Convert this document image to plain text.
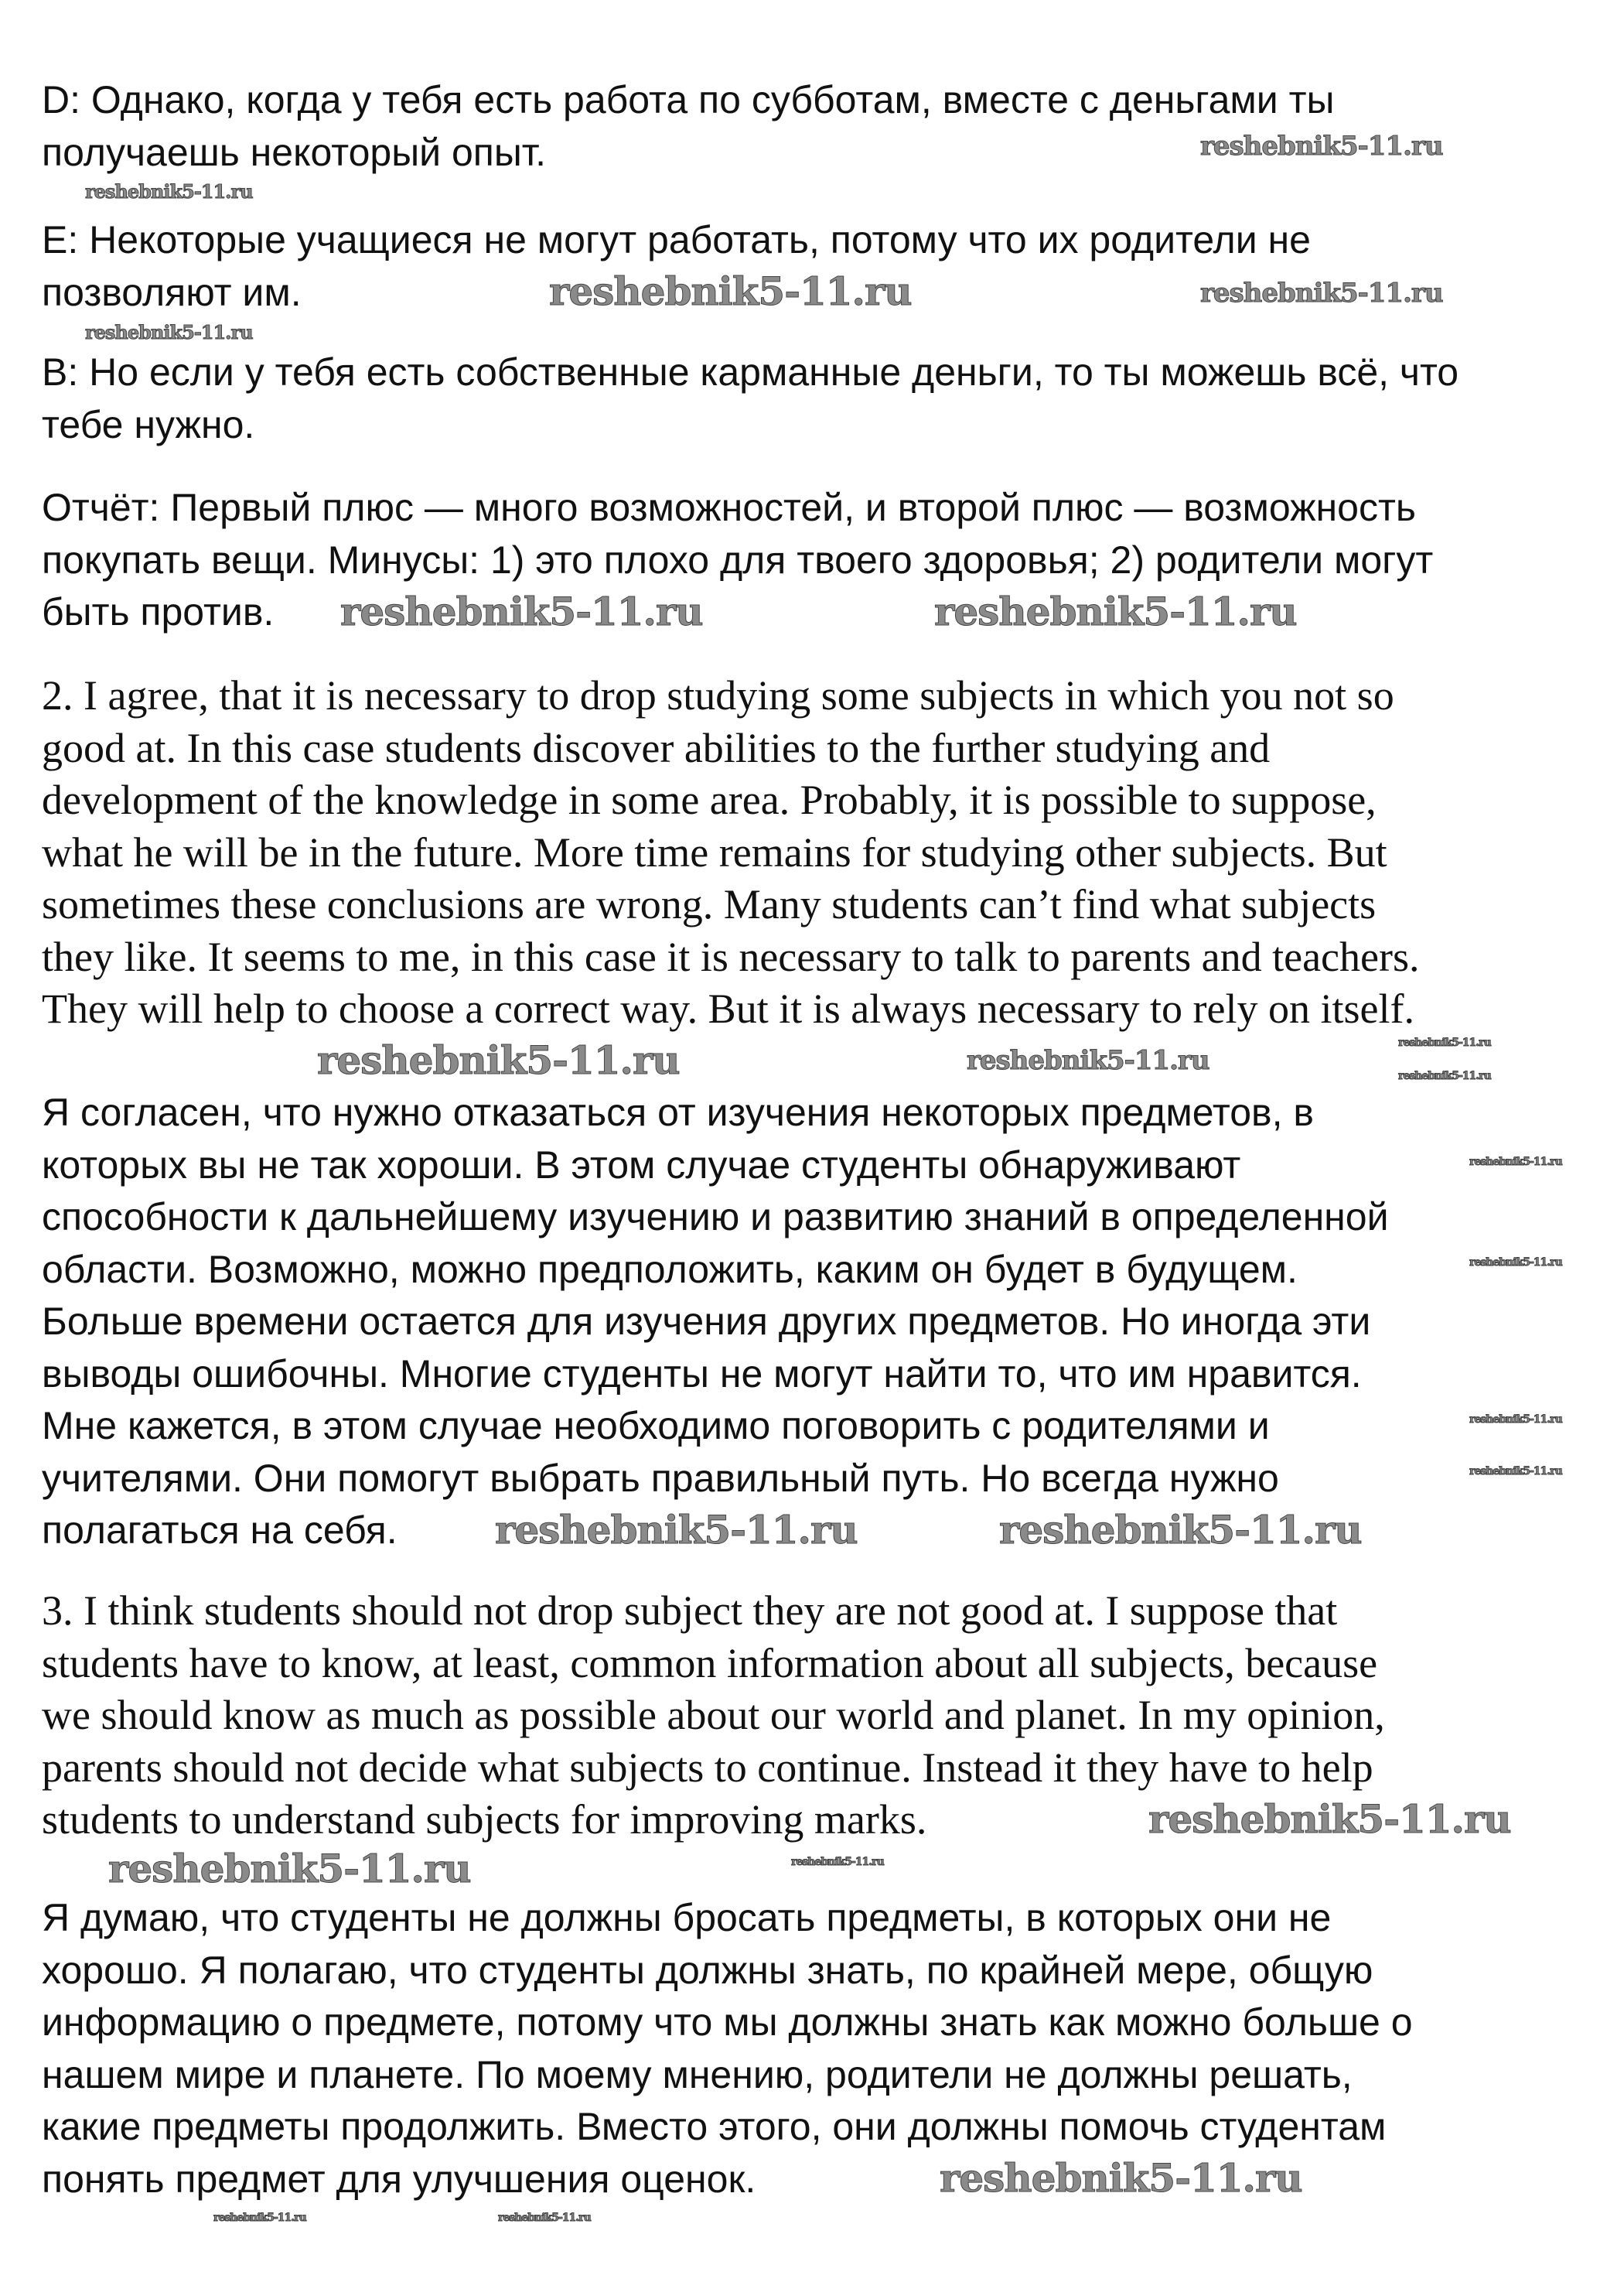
D: Однако, когда у тебя есть работа по субботам, вместе с деньгами ты
получаешь некоторый опыт.
E: Некоторые учащиеся не могут работать, потому что их родители не
позволяют им.
B: Но если у тебя есть собственные карманные деньги, то ты можешь всё, что
тебе нужно.
Отчёт: Первый плюс — много возможностей, и второй плюс — возможность
покупать вещи. Минусы: 1) это плохо для твоего здоровья; 2) родители могут
быть против.
2. I agree, that it is necessary to drop studying some subjects in which you not so
good at. In this case students discover abilities to the further studying and
development of the knowledge in some area. Probably, it is possible to suppose,
what he will be in the future. More time remains for studying other subjects. But
sometimes these conclusions are wrong. Many students can’t find what subjects
they like. It seems to me, in this case it is necessary to talk to parents and teachers.
They will help to choose a correct way. But it is always necessary to rely on itself.
Я согласен, что нужно отказаться от изучения некоторых предметов, в
которых вы не так хороши. В этом случае студенты обнаруживают
способности к дальнейшему изучению и развитию знаний в определенной
области. Возможно, можно предположить, каким он будет в будущем.
Больше времени остается для изучения других предметов. Но иногда эти
выводы ошибочны. Многие студенты не могут найти то, что им нравится.
Мне кажется, в этом случае необходимо поговорить с родителями и
учителями. Они помогут выбрать правильный путь. Но всегда нужно
полагаться на себя.
3. I think students should not drop subject they are not good at. I suppose that
students have to know, at least, common information about all subjects, because
we should know as much as possible about our world and planet. In my opinion,
parents should not decide what subjects to continue. Instead it they have to help
students to understand subjects for improving marks.
Я думаю, что студенты не должны бросать предметы, в которых они не
хорошо. Я полагаю, что студенты должны знать, по крайней мере, общую
информацию о предмете, потому что мы должны знать как можно больше о
нашем мире и планете. По моему мнению, родители не должны решать,
какие предметы продолжить. Вместо этого, они должны помочь студентам
понять предмет для улучшения оценок.
reshebnik5-11.ru
reshebnik5-11.ru
reshebnik5-11.ru
reshebnik5-11.ru	reshebnik5-11.ru
reshebnik5-11.ru	reshebnik5-11.ru
reshebnik5-11.ru
reshebnik5-11.ru	reshebnik5-11.ru	reshebnik5-11.ru
reshebnik5-11.ru
reshebnik5-11.ru
reshebnik5-11.ru
reshebnik5-11.ru
reshebnik5-11.ru
reshebnik5-11.ru
reshebnik5-11.ru
reshebnik5-11.ru	reshebnik5-11.ru
reshebnik5-11.ru	reshebnik5-11.ru
reshebnik5-11.ru
